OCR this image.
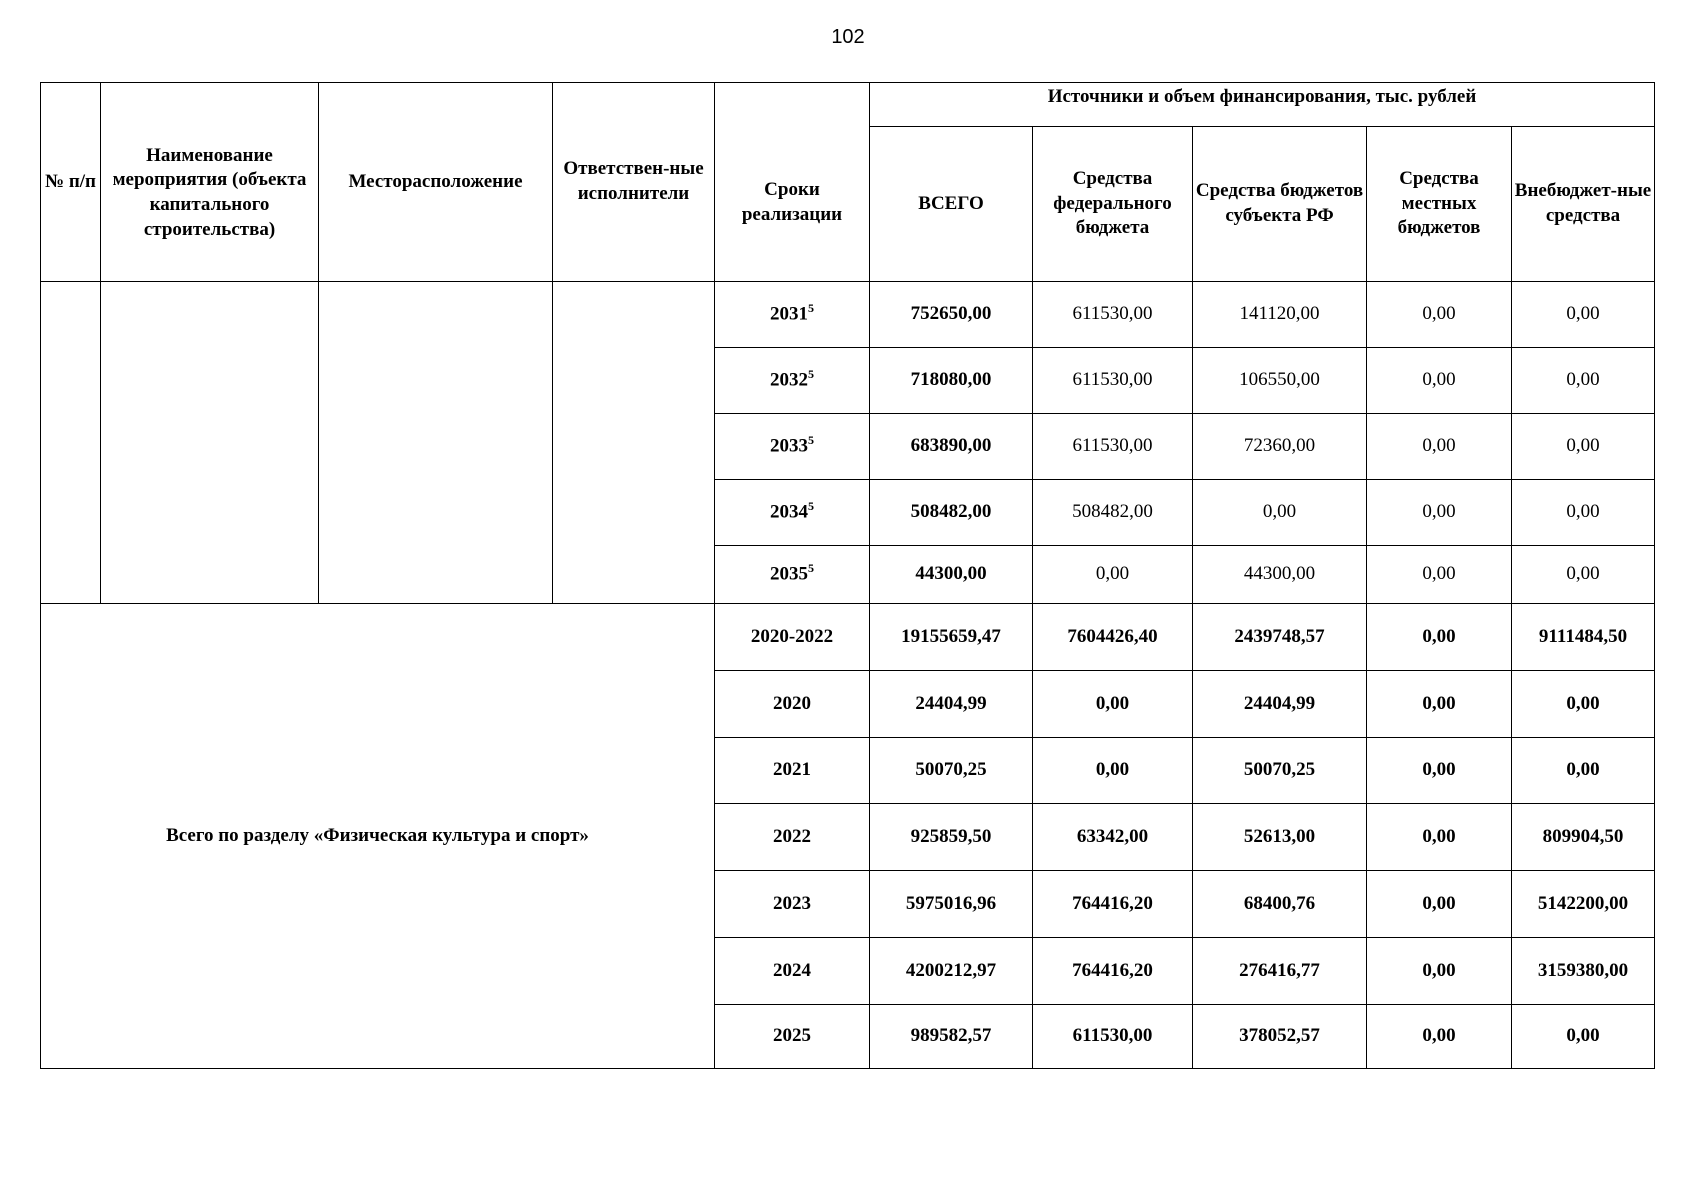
102
№ п/п	Наименование мероприятия (объекта капитального строительства)	Месторасположение	Ответствен-ные исполнители	Сроки реализации	Источники и объем финансирования, тыс. рублей				
					ВСЕГО	Средства федерального бюджета	Средства бюджетов субъекта РФ	Средства местных бюджетов	Внебюджет-ные средства
				2031$^5$	752650,00	611530,00	141120,00	0,00	0,00
				2032$^5$	718080,00	611530,00	106550,00	0,00	0,00
				2033$^5$	683890,00	611530,00	72360,00	0,00	0,00
				2034$^5$	508482,00	508482,00	0,00	0,00	0,00
				2035$^5$	44300,00	0,00	44300,00	0,00	0,00
Всего по разделу «Физическая культура и спорт»				2020-2022	19155659,47	7604426,40	2439748,57	0,00	9111484,50
				2020	24404,99	0,00	24404,99	0,00	0,00
				2021	50070,25	0,00	50070,25	0,00	0,00
				2022	925859,50	63342,00	52613,00	0,00	809904,50
				2023	5975016,96	764416,20	68400,76	0,00	5142200,00
				2024	4200212,97	764416,20	276416,77	0,00	3159380,00
				2025	989582,57	611530,00	378052,57	0,00	0,00
